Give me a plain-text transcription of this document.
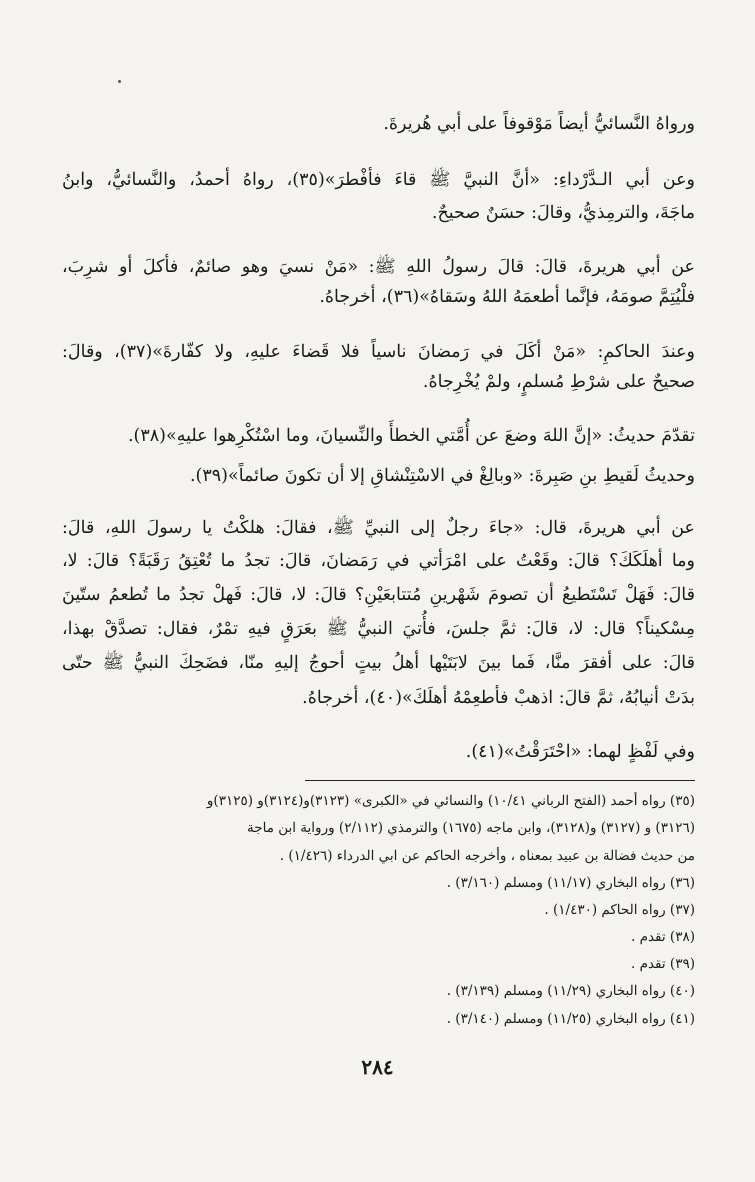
ورواهُ النَّسائيُّ أيضاً مَوْقوفاً على أبي هُريرةَ.
وعن أبي الـدَّرْداءِ: «أنَّ النبيَّ ﷺ قاءَ فأفْطرَ»(٣٥)، رواهُ أحمدُ، والنَّسائيُّ، وابنُ
ماجَةَ، والترمِذيُّ، وقالَ: حسَنٌ صحيحٌ.
عن أبي هريرةَ، قالَ: قالَ رسولُ اللهِ ﷺ: «مَنْ نسيَ وهو صائمٌ، فأكلَ أو شرِبَ،
فلْيُتِمَّ صومَهُ، فإنَّما أطعمَهُ اللهُ وسَقاهُ»(٣٦)، أخرجاهُ.
وعندَ الحاكمِ: «مَنْ أكَلَ في رَمضانَ ناسياً فلا قَضاءَ عليهِ، ولا كفّارةَ»(٣٧)، وقالَ:
صحيحٌ على شرْطِ مُسلمٍ، ولمْ يُخْرِجاهُ.
تقدّمَ حديثُ: «إنَّ اللهَ وضعَ عن أُمَّتي الخطأَ والنِّسيانَ، وما اسْتُكْرِهوا عليهِ»(٣٨).
وحديثُ لَقيطِ بنِ صَبِرةَ: «وبالِغْ في الاسْتِنْشاقِ إلا أن تكونَ صائماً»(٣٩).
عن أبي هريرةَ، قال: «جاءَ رجلٌ إلى النبيِّ ﷺ، فقالَ: هلكْتُ يا رسولَ اللهِ، قالَ:
وما أهلَكَكَ؟ قالَ: وقَعْتُ على امْرَأتي في رَمَضانَ، قالَ: تجدُ ما تُعْتِقُ رَقَبَةً؟ قالَ: لا،
قالَ: فَهَلْ تَسْتَطيعُ أن تصومَ شَهْرينِ مُتتابعَيْنِ؟ قالَ: لا، قالَ: فَهلْ تجدُ ما تُطعمُ ستّينَ
مِسْكيناً؟ قال: لا، قالَ: ثمَّ جلسَ، فأُتيَ النبيُّ ﷺ بعَرَقٍ فيهِ تمْرٌ، فقال: تصدَّقْ بهذا،
قالَ: على أفقرَ منَّا، فَما بينَ لابَتَيْها أهلُ بيتٍ أحوجُ إليهِ منّا، فضَحِكَ النبيُّ ﷺ حتّى
بدَتْ أنيابُهُ، ثمَّ قالَ: اذهبْ فأطعِمْهُ أهلَكَ»(٤٠)، أخرجاهُ.
وفي لَفْظٍ لهما: «احْتَرَقْتُ»(٤١).
(٣٥) رواه أحمد (الفتح الرباني ١٠/٤١) والنسائي في «الكبرى» (٣١٢٣)و(٣١٢٤)و (٣١٢٥)و
(٣١٢٦) و (٣١٢٧) و(٣١٢٨)، وابن ماجه (١٦٧٥) والترمذي (٢/١١٢) ورواية ابن ماجة
من حديث فضالة بن عبيد بمعناه ، وأخرجه الحاكم عن ابي الدرداء (١/٤٢٦) .
(٣٦) رواه البخاري (١١/١٧) ومسلم (٣/١٦٠) .
(٣٧) رواه الحاكم (١/٤٣٠) .
(٣٨) تقدم .
(٣٩) تقدم .
(٤٠) رواه البخاري (١١/٢٩) ومسلم (٣/١٣٩) .
(٤١) رواه البخاري (١١/٢٥) ومسلم (٣/١٤٠) .
٢٨٤
